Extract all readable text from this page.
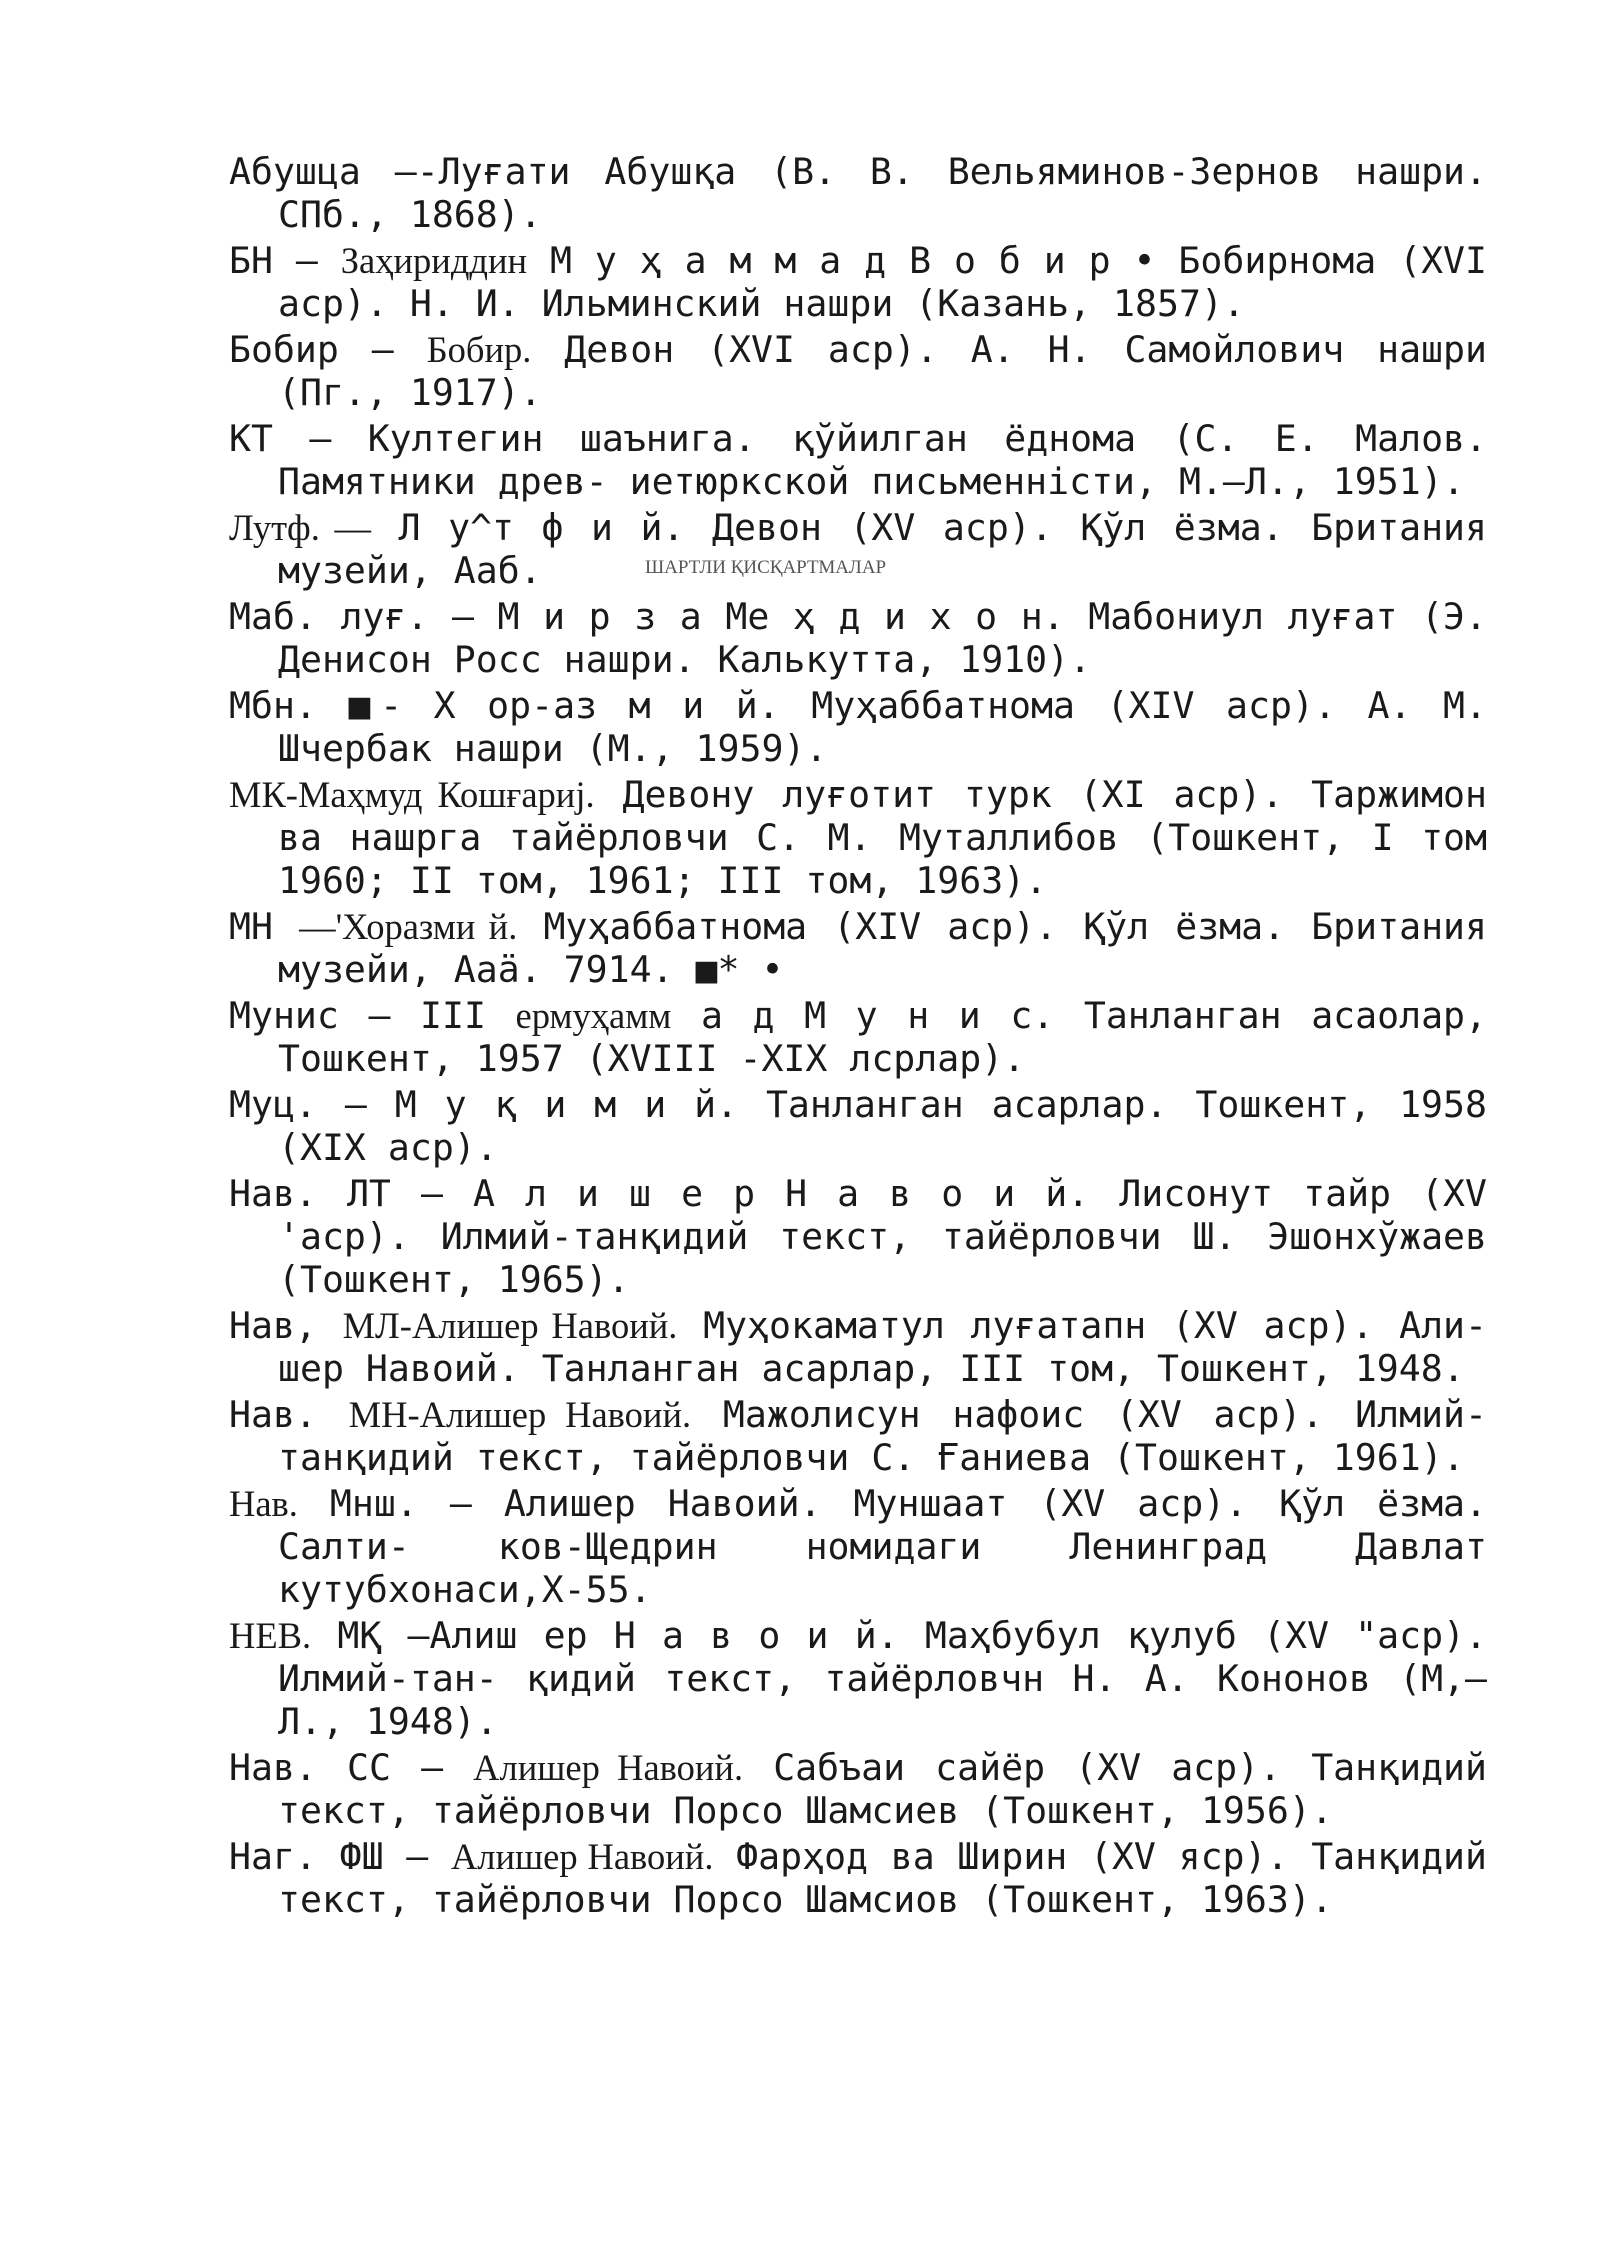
Абушца —-Луғати Абушқа (В. В. Вельяминов-Зернов нашри. СПб., 1868).
БН — Заҳириддин М у ҳ а м м а д В о б и р • Бобирнома (XVI аср). Н. И. Ильминский нашри (Казань, 1857).
Бобир — Бобир. Девон (XVI аср). А. Н. Самойлович нашри (Пг., 1917).
КТ — Култегин шаънига. қўйилган ёднома (С. Е. Малов. Памятники древ- иетюркской письменністи, М.—Л., 1951).
Лутф. — Л у^т ф и й. Девон (XV аср). Қўл ёзма. Британия музейи, Ааб.
Маб. луғ. — М и р з а Ме ҳ д и х о н. Мабониул луғат (Э. Денисон Росс нашри. Калькутта, 1910).
Мбн. ■- Х ор-аз м и й. Муҳаббатнома (XIV аср). А. М. Шчербак нашри (М., 1959).
МК-Маҳмуд Кошғариј. Девону луғотит турк (XI аср). Таржимон ва нашрга тайёрловчи С. М. Муталлибов (Тошкент, I том 1960; II том, 1961; III том, 1963).
МН —'Хоразми й. Муҳаббатнома (XIV аср). Қўл ёзма. Британия музейи, Ааä. 7914. ■* •
Мунис — III ермуҳамм а д М у н и с. Танланган асаолар, Тошкент, 1957 (XVIII -XIX лсрлар).
Муц. — М у қ и м и й. Танланган асарлар. Тошкент, 1958 (XIX аср).
Нав. ЛТ — А л и ш е р Н а в о и й. Лисонут тайр (XV 'аср). Илмий-танқидий текст, тайёрловчи Ш. Эшонхўжаев (Тошкент, 1965).
Нав, МЛ-Алишер Навоий. Муҳокаматул луғатапн (XV аср). Али- шер Навоий. Танланган асарлар, III том, Тошкент, 1948.
Нав. МН-Алишер Навоий. Мажолисун нафоис (XV аср). Илмий-танқидий текст, тайёрловчи С. Ғаниева (Тошкент, 1961).
Нав. Мнш. — Алишер Навоий. Муншаат (XV аср). Қўл ёзма. Салти- ков-Щедрин номидаги Ленинград Давлат кутубхонаси,X-55.
НЕВ. МҚ —Алиш ер Н а в о и й. Маҳбубул қулуб (XV "аср). Илмий-тан- қидий текст, тайёрловчн Н. А. Кононов (М,—Л., 1948).
Нав. СС — Алишер Навоий. Сабъаи сайёр (XV аср). Танқидий текст, тайёрловчи Порсо Шамсиев (Тошкент, 1956).
Наг. ФШ — Алишер Навоий. Фарҳод ва Ширин (XV яср). Танқидий текст, тайёрловчи Порсо Шамсиов (Тошкент, 1963).
ШАРТЛИ ҚИСҚАРТМАЛАР
